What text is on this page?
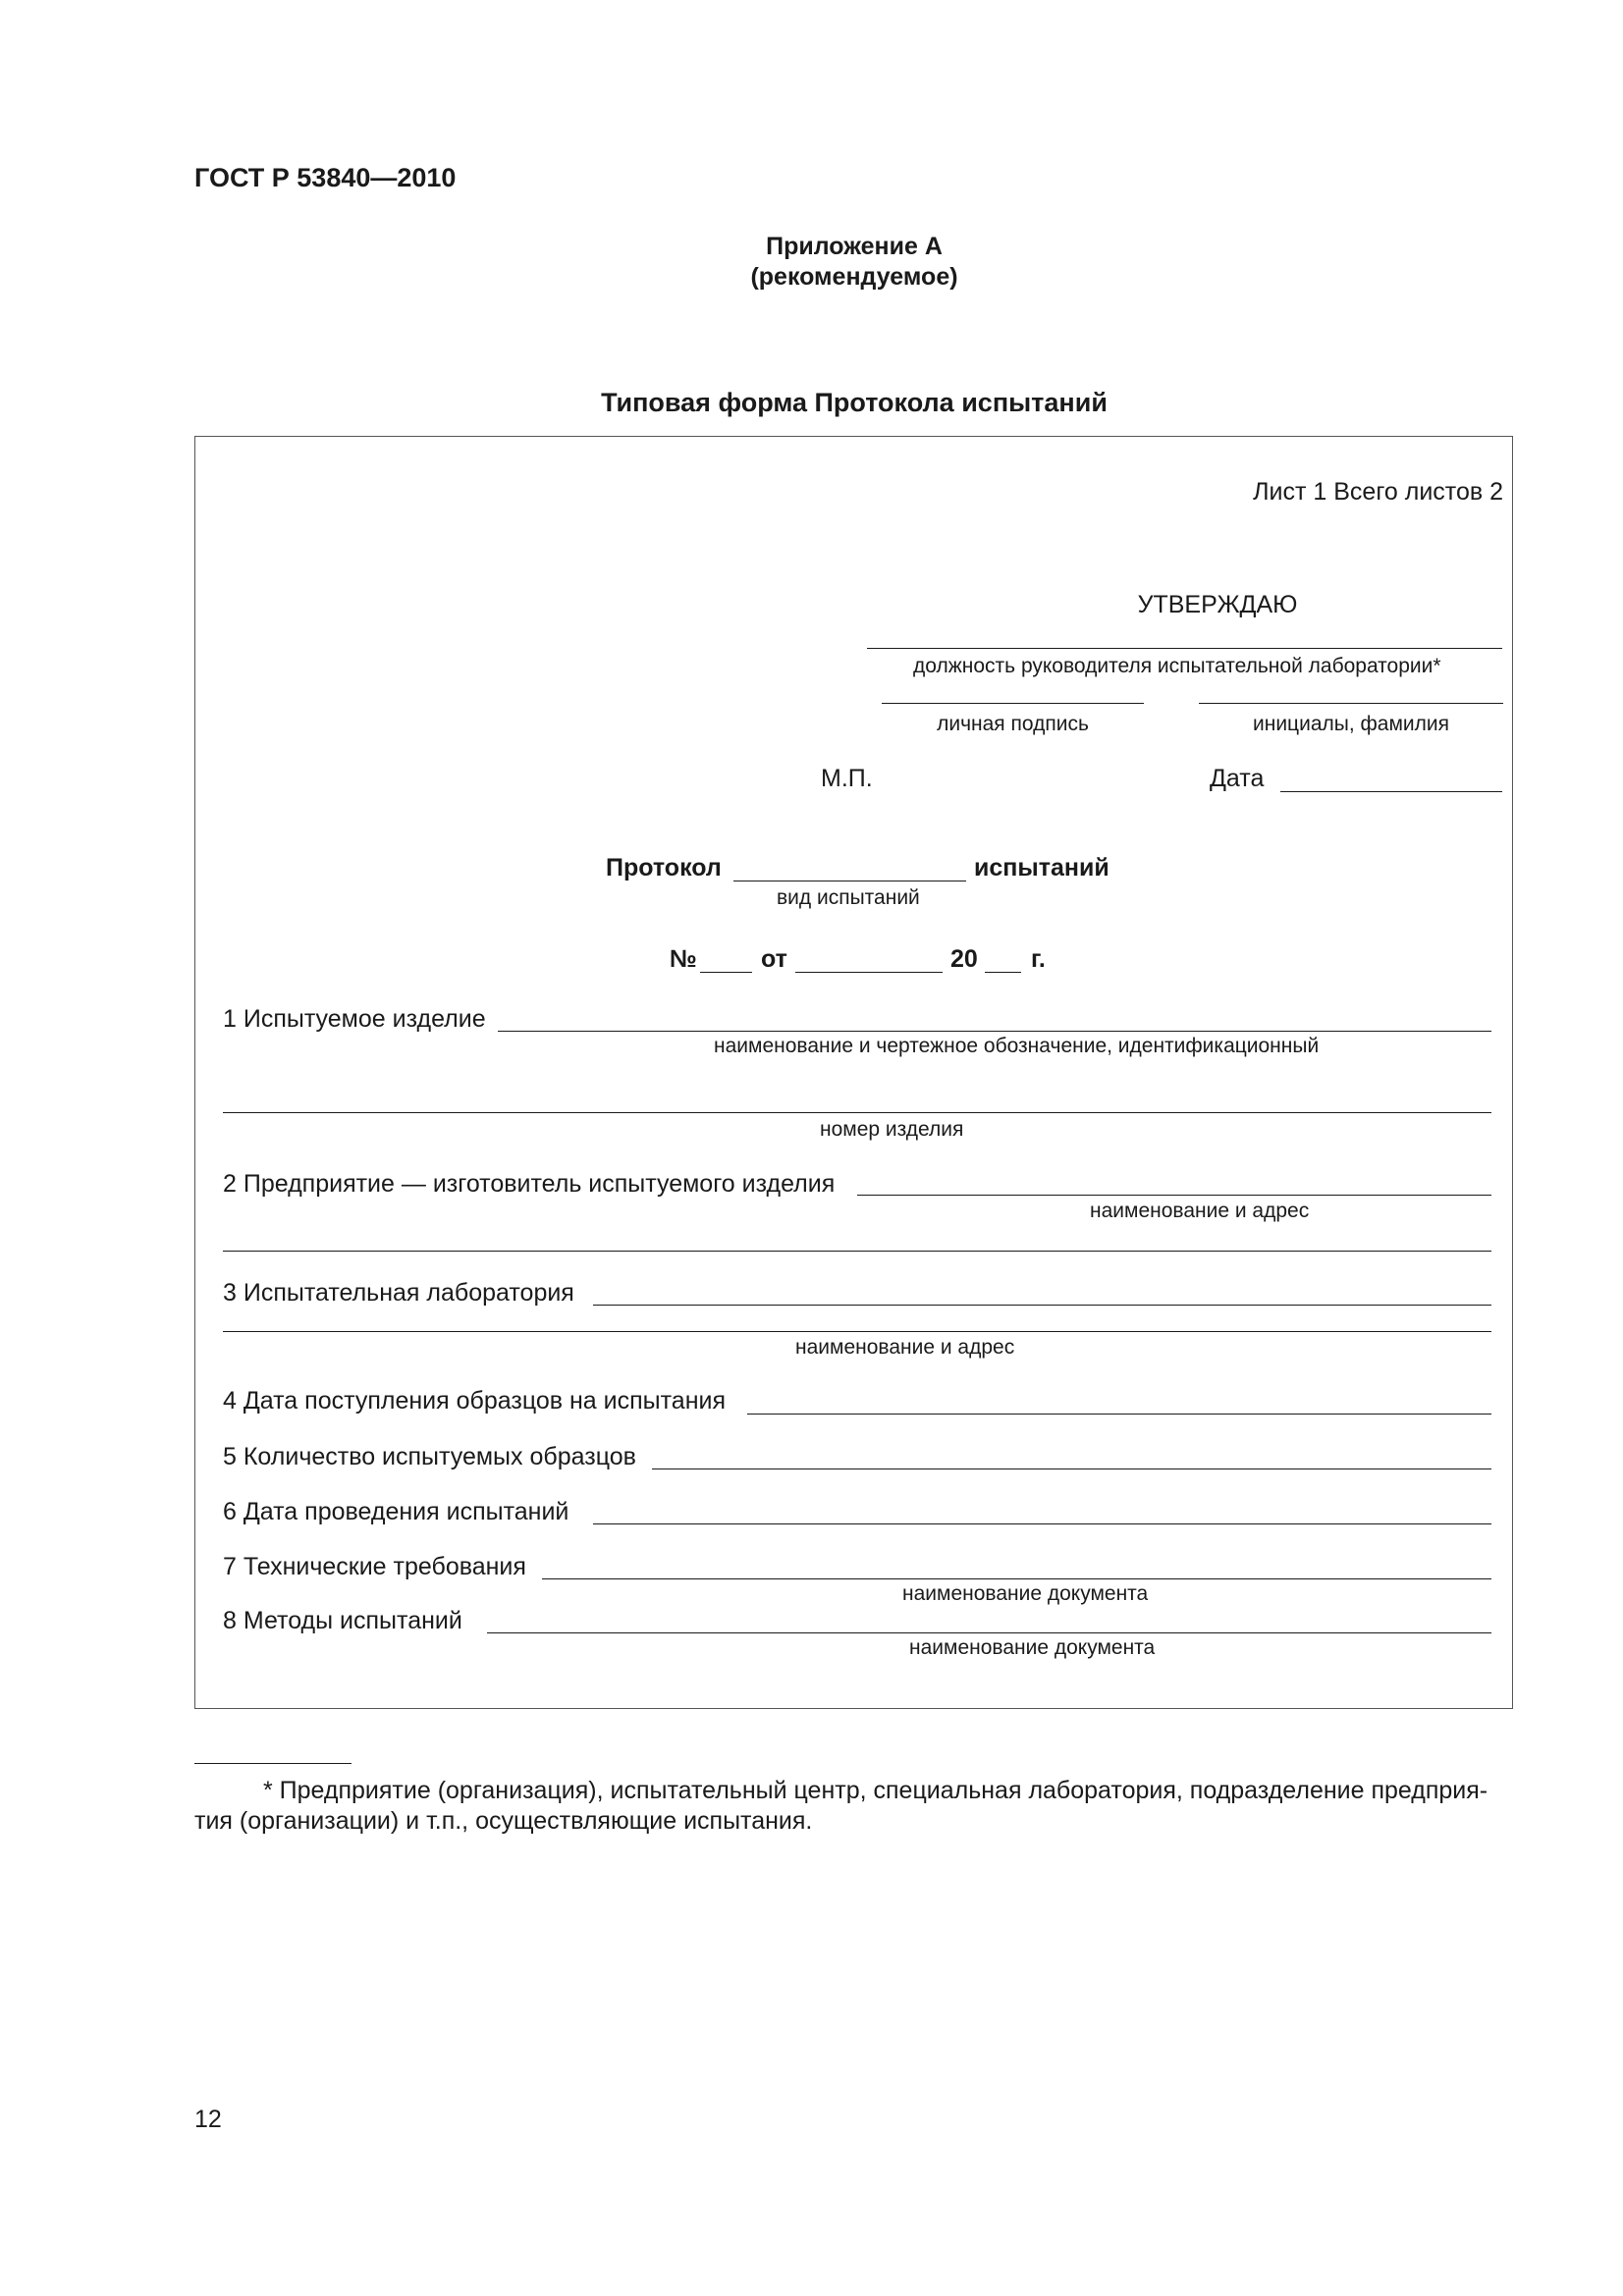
ГОСТ Р 53840—2010
Приложение А
(рекомендуемое)
Типовая форма Протокола испытаний
Лист 1 Всего листов 2
УТВЕРЖДАЮ
должность руководителя испытательной лаборатории*
личная подпись	инициалы, фамилия
М.П.	Дата
Протокол	испытаний
вид испытаний
№	от	20 г.
1 Испытуемое изделие
наименование и чертежное обозначение, идентификационный
номер изделия
2 Предприятие — изготовитель испытуемого изделия
наименование и адрес
3 Испытательная лаборатория
наименование и адрес
4 Дата поступления образцов на испытания
5 Количество испытуемых образцов
6 Дата проведения испытаний
7 Технические требования
наименование документа
8 Методы испытаний
наименование документа
* Предприятие (организация), испытательный центр, специальная лаборатория, подразделение предприя-
тия (организации) и т.п., осуществляющие испытания.
12
